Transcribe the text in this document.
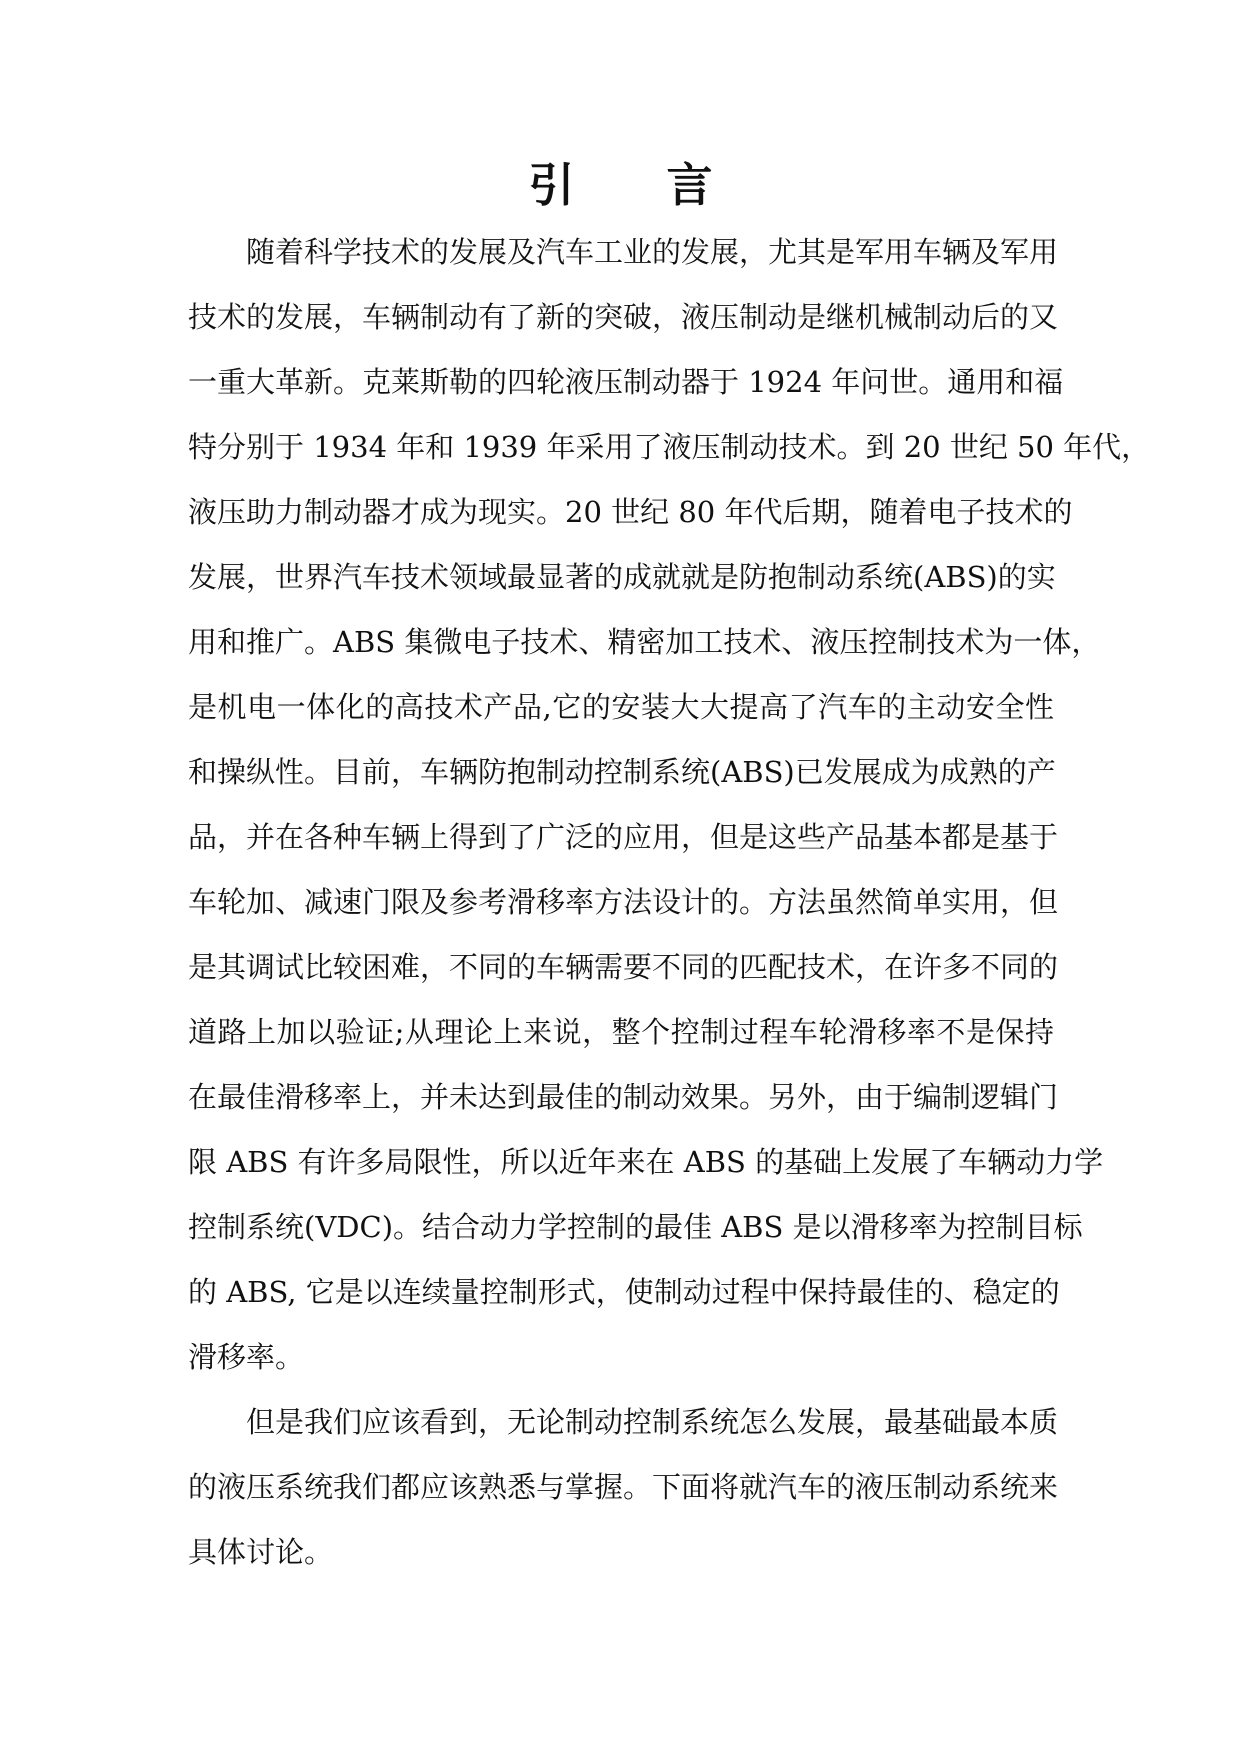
引 言

随着科学技术的发展及汽车工业的发展，尤其是军用车辆及军用

技术的发展，车辆制动有了新的突破，液压制动是继机械制动后的又

一重大革新。克莱斯勒的四轮液压制动器于 1924 年问世。通用和福

特分别于 1934 年和 1939 年采用了液压制动技术。到 20 世纪 50 年代，

液压助力制动器才成为现实。20 世纪 80 年代后期，随着电子技术的

发展，世界汽车技术领域最显著的成就就是防抱制动系统(ABS)的实

用和推广。ABS 集微电子技术、精密加工技术、液压控制技术为一体，

是机电一体化的高技术产品,它的安装大大提高了汽车的主动安全性

和操纵性。目前，车辆防抱制动控制系统(ABS)已发展成为成熟的产

品，并在各种车辆上得到了广泛的应用，但是这些产品基本都是基于

车轮加、减速门限及参考滑移率方法设计的。方法虽然简单实用，但

是其调试比较困难，不同的车辆需要不同的匹配技术，在许多不同的

道路上加以验证;从理论上来说，整个控制过程车轮滑移率不是保持

在最佳滑移率上，并未达到最佳的制动效果。另外，由于编制逻辑门

限 ABS 有许多局限性，所以近年来在 ABS 的基础上发展了车辆动力学

控制系统(VDC)。结合动力学控制的最佳 ABS 是以滑移率为控制目标

的 ABS, 它是以连续量控制形式，使制动过程中保持最佳的、稳定的

滑移率。

但是我们应该看到，无论制动控制系统怎么发展，最基础最本质

的液压系统我们都应该熟悉与掌握。下面将就汽车的液压制动系统来

具体讨论。
